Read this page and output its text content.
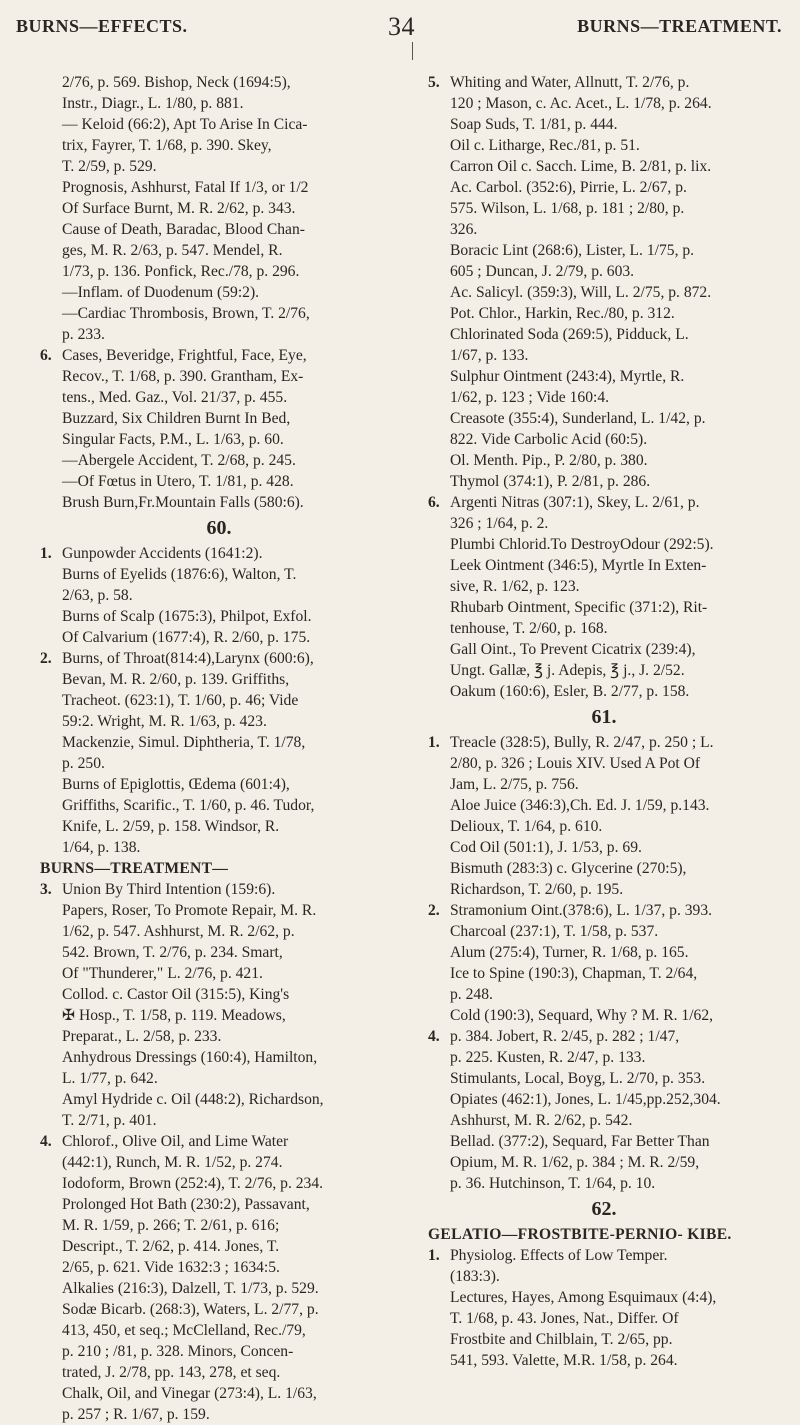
BURNS—EFFECTS.	34	BURNS—TREATMENT.
2/76, p. 569. Bishop, Neck (1694:5),
Instr., Diagr., L. 1/80, p. 881.
— Keloid (66:2), Apt To Arise In Cica-
trix, Fayrer, T. 1/68, p. 390. Skey,
T. 2/59, p. 529.
Prognosis, Ashhurst, Fatal If 1/3, or 1/2
Of Surface Burnt, M. R. 2/62, p. 343.
Cause of Death, Baradac, Blood Chan-
ges, M. R. 2/63, p. 547. Mendel, R.
1/73, p. 136. Ponfick, Rec./78, p. 296.
—Inflam. of Duodenum (59:2).
—Cardiac Thrombosis, Brown, T. 2/76,
p. 233.
6. Cases, Beveridge, Frightful, Face, Eye,
Recov., T. 1/68, p. 390. Grantham, Ex-
tens., Med. Gaz., Vol. 21/37, p. 455.
Buzzard, Six Children Burnt In Bed,
Singular Facts, P.M., L. 1/63, p. 60.
—Abergele Accident, T. 2/68, p. 245.
—Of Fœtus in Utero, T. 1/81, p. 428.
Brush Burn,Fr.Mountain Falls (580:6).
60.
1. Gunpowder Accidents (1641:2).
Burns of Eyelids (1876:6), Walton, T.
2/63, p. 58.
Burns of Scalp (1675:3), Philpot, Exfol.
Of Calvarium (1677:4), R. 2/60, p. 175.
2. Burns, of Throat(814:4),Larynx (600:6),
Bevan, M. R. 2/60, p. 139. Griffiths,
Tracheot. (623:1), T. 1/60, p. 46; Vide
59:2. Wright, M. R. 1/63, p. 423.
Mackenzie, Simul. Diphtheria, T. 1/78,
p. 250.
Burns of Epiglottis, Œdema (601:4),
Griffiths, Scarific., T. 1/60, p. 46. Tudor,
Knife, L. 2/59, p. 158. Windsor, R.
1/64, p. 138.
BURNS—TREATMENT—
3. Union By Third Intention (159:6).
Papers, Roser, To Promote Repair, M. R.
1/62, p. 547. Ashhurst, M. R. 2/62, p.
542. Brown, T. 2/76, p. 234. Smart,
Of "Thunderer," L. 2/76, p. 421.
Collod. c. Castor Oil (315:5), King's
✠ Hosp., T. 1/58, p. 119. Meadows,
Preparat., L. 2/58, p. 233.
Anhydrous Dressings (160:4), Hamilton,
L. 1/77, p. 642.
Amyl Hydride c. Oil (448:2), Richardson,
T. 2/71, p. 401.
4. Chlorof., Olive Oil, and Lime Water
(442:1), Runch, M. R. 1/52, p. 274.
Iodoform, Brown (252:4), T. 2/76, p. 234.
Prolonged Hot Bath (230:2), Passavant,
M. R. 1/59, p. 266; T. 2/61, p. 616;
Descript., T. 2/62, p. 414. Jones, T.
2/65, p. 621. Vide 1632:3 ; 1634:5.
Alkalies (216:3), Dalzell, T. 1/73, p. 529.
Sodæ Bicarb. (268:3), Waters, L. 2/77, p.
413, 450, et seq.; McClelland, Rec./79,
p. 210 ; /81, p. 328. Minors, Concen-
trated, J. 2/78, pp. 143, 278, et seq.
Chalk, Oil, and Vinegar (273:4), L. 1/63,
p. 257 ; R. 1/67, p. 159.
5. Whiting and Water, Allnutt, T. 2/76, p.
120 ; Mason, c. Ac. Acet., L. 1/78, p. 264.
Soap Suds, T. 1/81, p. 444.
Oil c. Litharge, Rec./81, p. 51.
Carron Oil c. Sacch. Lime, B. 2/81, p. lix.
Ac. Carbol. (352:6), Pirrie, L. 2/67, p.
575. Wilson, L. 1/68, p. 181 ; 2/80, p.
326.
Boracic Lint (268:6), Lister, L. 1/75, p.
605 ; Duncan, J. 2/79, p. 603.
Ac. Salicyl. (359:3), Will, L. 2/75, p. 872.
Pot. Chlor., Harkin, Rec./80, p. 312.
Chlorinated Soda (269:5), Pidduck, L.
1/67, p. 133.
Sulphur Ointment (243:4), Myrtle, R.
1/62, p. 123 ; Vide 160:4.
Creasote (355:4), Sunderland, L. 1/42, p.
822. Vide Carbolic Acid (60:5).
Ol. Menth. Pip., P. 2/80, p. 380.
Thymol (374:1), P. 2/81, p. 286.
6. Argenti Nitras (307:1), Skey, L. 2/61, p.
326 ; 1/64, p. 2.
Plumbi Chlorid.To DestroyOdour (292:5).
Leek Ointment (346:5), Myrtle In Exten-
sive, R. 1/62, p. 123.
Rhubarb Ointment, Specific (371:2), Rit-
tenhouse, T. 2/60, p. 168.
Gall Oint., To Prevent Cicatrix (239:4),
Ungt. Gallæ, ℥ j. Adepis, ℥ j., J. 2/52.
Oakum (160:6), Esler, B. 2/77, p. 158.
61.
1. Treacle (328:5), Bully, R. 2/47, p. 250 ; L.
2/80, p. 326 ; Louis XIV. Used A Pot Of
Jam, L. 2/75, p. 756.
Aloe Juice (346:3),Ch. Ed. J. 1/59, p.143.
Delioux, T. 1/64, p. 610.
Cod Oil (501:1), J. 1/53, p. 69.
Bismuth (283:3) c. Glycerine (270:5),
Richardson, T. 2/60, p. 195.
2. Stramonium Oint.(378:6), L. 1/37, p. 393.
Charcoal (237:1), T. 1/58, p. 537.
Alum (275:4), Turner, R. 1/68, p. 165.
Ice to Spine (190:3), Chapman, T. 2/64,
p. 248.
Cold (190:3), Sequard, Why ? M. R. 1/62,
4. p. 384. Jobert, R. 2/45, p. 282 ; 1/47,
p. 225. Kusten, R. 2/47, p. 133.
Stimulants, Local, Boyg, L. 2/70, p. 353.
Opiates (462:1), Jones, L. 1/45,pp.252,304.
Ashhurst, M. R. 2/62, p. 542.
Bellad. (377:2), Sequard, Far Better Than
Opium, M. R. 1/62, p. 384 ; M. R. 2/59,
p. 36. Hutchinson, T. 1/64, p. 10.
62.
GELATIO—FROSTBITE-PERNIO- KIBE.
1. Physiolog. Effects of Low Temper.
(183:3).
Lectures, Hayes, Among Esquimaux (4:4),
T. 1/68, p. 43. Jones, Nat., Differ. Of
Frostbite and Chilblain, T. 2/65, pp.
541, 593. Valette, M.R. 1/58, p. 264.
